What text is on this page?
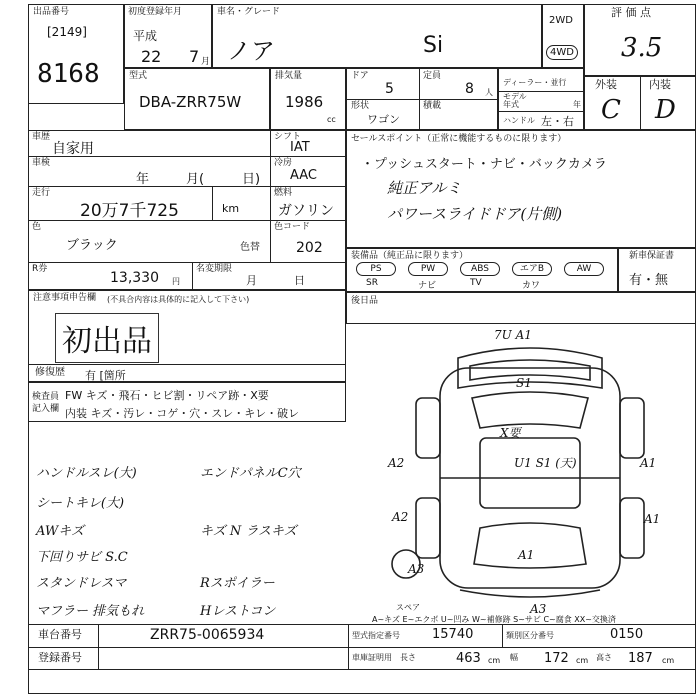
出品番号
[2149]
8168
初度登録年月
平成
22 7 月
車名・グレード
ノア	Si
2WD
4WD
評 価 点
3.5
外装	内装
C D
型式
DBA-ZRR75W
排気量
1986
cc
ドア
5
定員
8 人
形状
ワゴン
積載
ディーラー・並行
モデル年式	年
ハンドル 左・右
車歴
自家用
シフト
IAT
車検
年	月(	日)
冷房
AAC
走行
20万7千725	km
燃料
ガソリン
色
ブラック	色替
色コード
202
R券
13,330 円
名変期限
月	日
セールスポイント（正常に機能するものに限ります）
・プッシュスタート・ナビ・バックカメラ
純正アルミ
パワースライドドア(片側)
装備品（純正品に限ります）
PS	PW	ABS	エアB	AW
SR	ナビ	TV	カワ
新車保証書
有・無
後日品
注意事項申告欄 (不具合内容は具体的に記入して下さい)
初出品
修復歴 有 [箇所
検査員 記入欄
FW キズ・飛石・ヒビ割・リペア跡・X要
内装 キズ・汚レ・コゲ・穴・スレ・キレ・破レ
ハンドルスレ(大)
シートキレ(大)
AWキズ
下回りサビ S.C
スタンドレスマ
マフラー 排気もれ
エンドパネルC穴
キズ N ラスキズ
Rスポイラー
Hレストコン
7U A1
S1
X要
U1 S1 (天)
A2	A1
A2	A1
A3
A1
A3
スペア
A~キズ E~エクボ U~凹み W~補修跡 S~サビ C~腐食 XX~交換済
車台番号	ZRR75-0065934
登録番号
型式指定番号 15740	類別区分番号	0150
車庫証明用 長さ	463 cm 幅 172 cm 高さ 187 cm
